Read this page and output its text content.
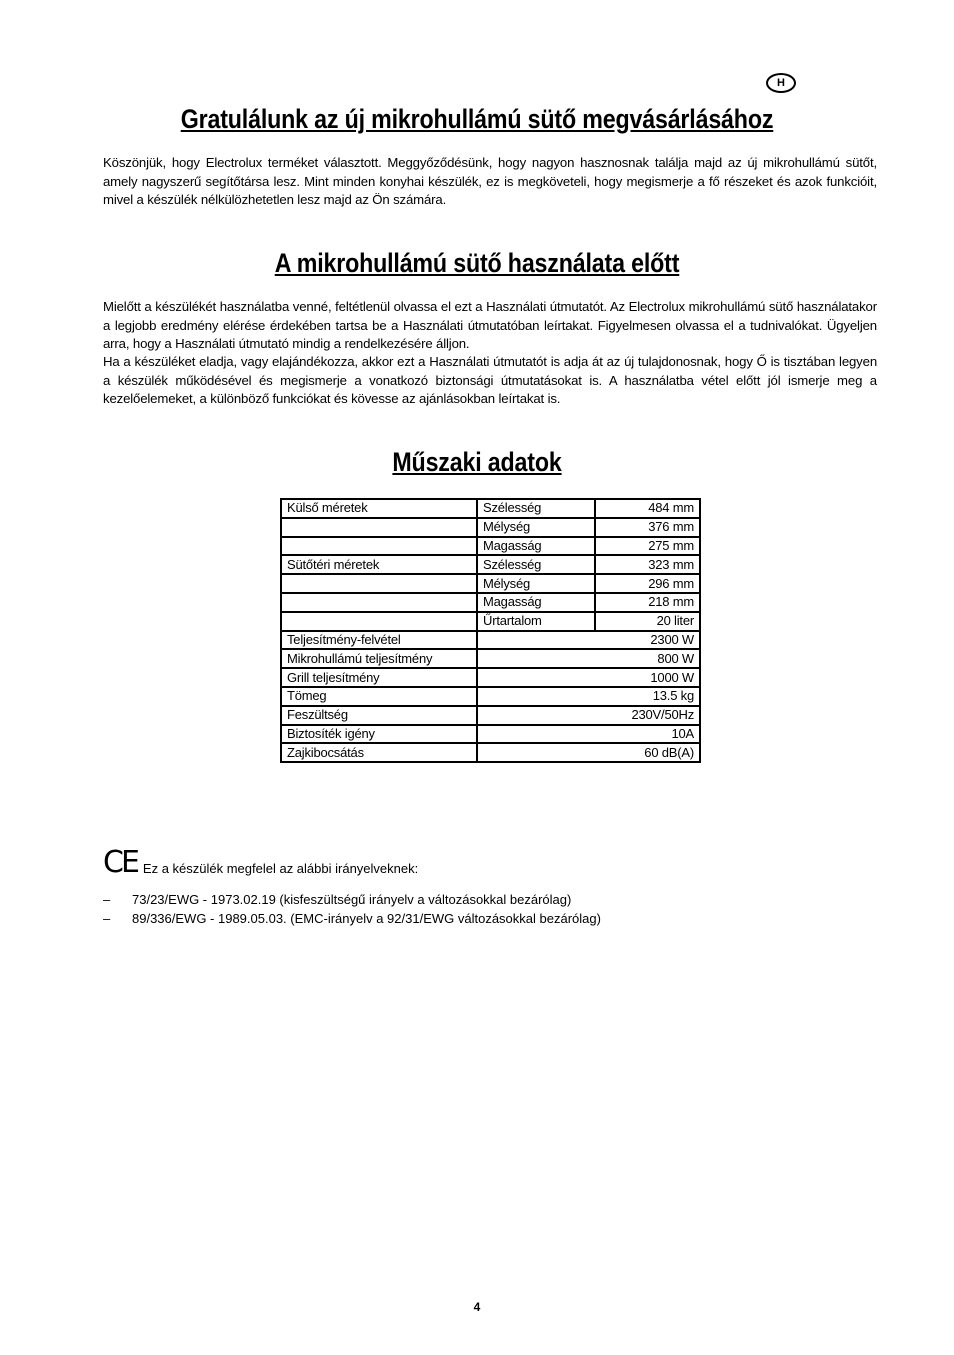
H
Gratulálunk az új mikrohullámú sütő megvásárlásához

Köszönjük, hogy Electrolux terméket választott. Meggyőződésünk, hogy nagyon hasznosnak találja majd az új mikrohullámú sütőt, amely nagyszerű segítőtársa lesz. Mint minden konyhai készülék, ez is megköveteli, hogy megismerje a fő részeket és azok funkcióit, mivel a készülék nélkülözhetetlen lesz majd az Ön számára.

A mikrohullámú sütő használata előtt

Mielőtt a készülékét használatba venné, feltétlenül olvassa el ezt a Használati útmutatót. Az Electrolux mikrohullámú sütő használatakor a legjobb eredmény elérése érdekében tartsa be a Használati útmutatóban leírtakat. Figyelmesen olvassa el a tudnivalókat. Ügyeljen arra, hogy a Használati útmutató mindig a rendelkezésére álljon.

Ha a készüléket eladja, vagy elajándékozza, akkor ezt a Használati útmutatót is adja át az új tulajdonosnak, hogy Ő is tisztában legyen a készülék működésével és megismerje a vonatkozó biztonsági útmutatásokat is. A használatba vétel előtt jól ismerje meg a kezelőelemeket, a különböző funkciókat és kövesse az ajánlásokban leírtakat is.

Műszaki adatok
Külső méretek	Szélesség	484 mm
	Mélység	376 mm
	Magasság	275 mm
Sütőtéri méretek	Szélesség	323 mm
	Mélység	296 mm
	Magasság	218 mm
	Űrtartalom	20 liter
Teljesítmény-felvétel	2300 W	
Mikrohullámú teljesítmény	800 W	
Grill teljesítmény	1000 W	
Tömeg	13.5 kg	
Feszültség	230V/50Hz	
Biztosíték igény	10A	
Zajkibocsátás	60 dB(A)	
CE Ez a készülék megfelel az alábbi irányelveknek:
–	73/23/EWG - 1973.02.19 (kisfeszültségű irányelv a változásokkal bezárólag)
–	89/336/EWG - 1989.05.03. (EMC-irányelv a 92/31/EWG változásokkal bezárólag)
4
